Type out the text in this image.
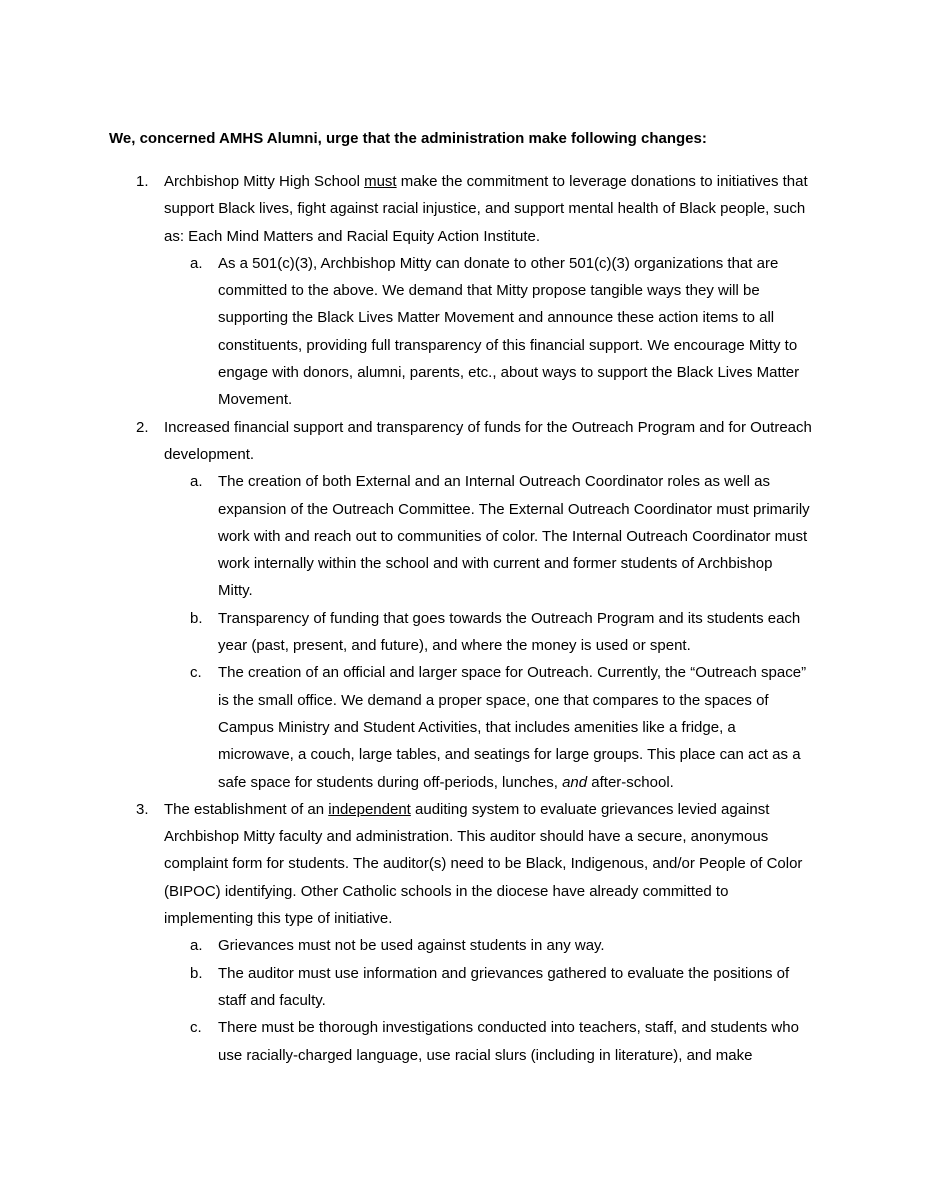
We, concerned AMHS Alumni, urge that the administration make following changes:
1. Archbishop Mitty High School must make the commitment to leverage donations to initiatives that
support Black lives, fight against racial injustice, and support mental health of Black people, such
as: Each Mind Matters and Racial Equity Action Institute.
a. As a 501(c)(3), Archbishop Mitty can donate to other 501(c)(3) organizations that are
committed to the above. We demand that Mitty propose tangible ways they will be
supporting the Black Lives Matter Movement and announce these action items to all
constituents, providing full transparency of this financial support. We encourage Mitty to
engage with donors, alumni, parents, etc., about ways to support the Black Lives Matter
Movement.
2. Increased financial support and transparency of funds for the Outreach Program and for Outreach
development.
a. The creation of both External and an Internal Outreach Coordinator roles as well as
expansion of the Outreach Committee. The External Outreach Coordinator must primarily
work with and reach out to communities of color. The Internal Outreach Coordinator must
work internally within the school and with current and former students of Archbishop
Mitty.
b. Transparency of funding that goes towards the Outreach Program and its students each
year (past, present, and future), and where the money is used or spent.
c. The creation of an official and larger space for Outreach. Currently, the “Outreach space”
is the small office. We demand a proper space, one that compares to the spaces of
Campus Ministry and Student Activities, that includes amenities like a fridge, a
microwave, a couch, large tables, and seatings for large groups. This place can act as a
safe space for students during off-periods, lunches, and after-school.
3. The establishment of an independent auditing system to evaluate grievances levied against
Archbishop Mitty faculty and administration. This auditor should have a secure, anonymous
complaint form for students. The auditor(s) need to be Black, Indigenous, and/or People of Color
(BIPOC) identifying. Other Catholic schools in the diocese have already committed to
implementing this type of initiative.
a. Grievances must not be used against students in any way.
b. The auditor must use information and grievances gathered to evaluate the positions of
staff and faculty.
c. There must be thorough investigations conducted into teachers, staff, and students who
use racially-charged language, use racial slurs (including in literature), and make
